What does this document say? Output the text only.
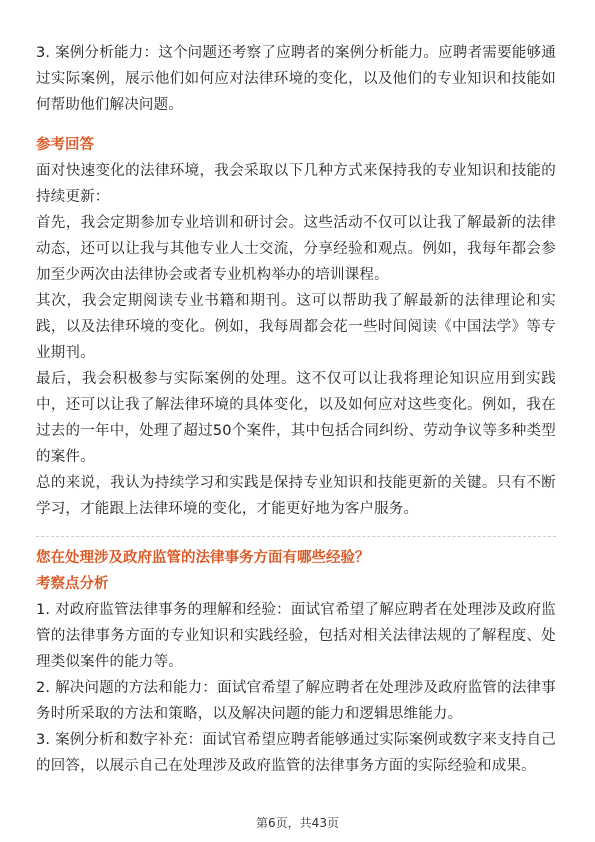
3. 案例分析能力：这个问题还考察了应聘者的案例分析能力。应聘者需要能够通过实际案例，展示他们如何应对法律环境的变化，以及他们的专业知识和技能如何帮助他们解决问题。

参考回答

面对快速变化的法律环境，我会采取以下几种方式来保持我的专业知识和技能的持续更新：

首先，我会定期参加专业培训和研讨会。这些活动不仅可以让我了解最新的法律动态，还可以让我与其他专业人士交流，分享经验和观点。例如，我每年都会参加至少两次由法律协会或者专业机构举办的培训课程。

其次，我会定期阅读专业书籍和期刊。这可以帮助我了解最新的法律理论和实践，以及法律环境的变化。例如，我每周都会花一些时间阅读《中国法学》等专业期刊。

最后，我会积极参与实际案例的处理。这不仅可以让我将理论知识应用到实践中，还可以让我了解法律环境的具体变化，以及如何应对这些变化。例如，我在过去的一年中，处理了超过50个案件，其中包括合同纠纷、劳动争议等多种类型的案件。

总的来说，我认为持续学习和实践是保持专业知识和技能更新的关键。只有不断学习，才能跟上法律环境的变化，才能更好地为客户服务。

您在处理涉及政府监管的法律事务方面有哪些经验？
考察点分析

1. 对政府监管法律事务的理解和经验：面试官希望了解应聘者在处理涉及政府监管的法律事务方面的专业知识和实践经验，包括对相关法律法规的了解程度、处理类似案件的能力等。

2. 解决问题的方法和能力：面试官希望了解应聘者在处理涉及政府监管的法律事务时所采取的方法和策略，以及解决问题的能力和逻辑思维能力。

3. 案例分析和数字补充：面试官希望应聘者能够通过实际案例或数字来支持自己的回答，以展示自己在处理涉及政府监管的法律事务方面的实际经验和成果。

第6页，共43页
